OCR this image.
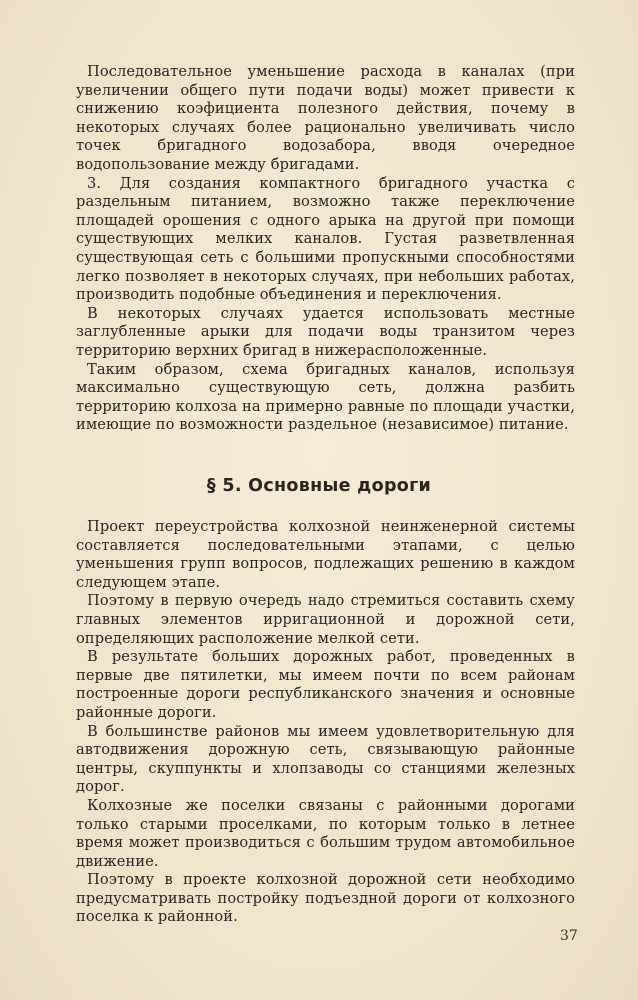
Последовательное уменьшение расхода в каналах (при увеличении общего пути подачи воды) может привести к снижению коэфициента полезного действия, почему в некоторых случаях более рационально увеличивать число точек бригадного водозабора, вводя очередное водопользование между бригадами.

3. Для создания компактного бригадного участка с раздельным питанием, возможно также переключение площадей орошения с одного арыка на другой при помощи существующих мелких каналов. Густая разветвленная существующая сеть с большими пропускными способностями легко позволяет в некоторых случаях, при небольших работах, производить подобные объединения и переключения.

В некоторых случаях удается использовать местные заглубленные арыки для подачи воды транзитом через территорию верхних бригад в нижерасположенные.

Таким образом, схема бригадных каналов, используя максимально существующую сеть, должна разбить территорию колхоза на примерно равные по площади участки, имеющие по возможности раздельное (независимое) питание.

§ 5. Основные дороги

Проект переустройства колхозной неинженерной системы составляется последовательными этапами, с целью уменьшения групп вопросов, подлежащих решению в каждом следующем этапе.

Поэтому в первую очередь надо стремиться составить схему главных элементов ирригационной и дорожной сети, определяющих расположение мелкой сети.

В результате больших дорожных работ, проведенных в первые две пятилетки, мы имеем почти по всем районам построенные дороги республиканского значения и основные районные дороги.

В большинстве районов мы имеем удовлетворительную для автодвижения дорожную сеть, связывающую районные центры, скуппункты и хлопзаводы со станциями железных дорог.

Колхозные же поселки связаны с районными дорогами только старыми проселками, по которым только в летнее время может производиться с большим трудом автомобильное движение.

Поэтому в проекте колхозной дорожной сети необходимо предусматривать постройку подъездной дороги от колхозного поселка к районной.

37
